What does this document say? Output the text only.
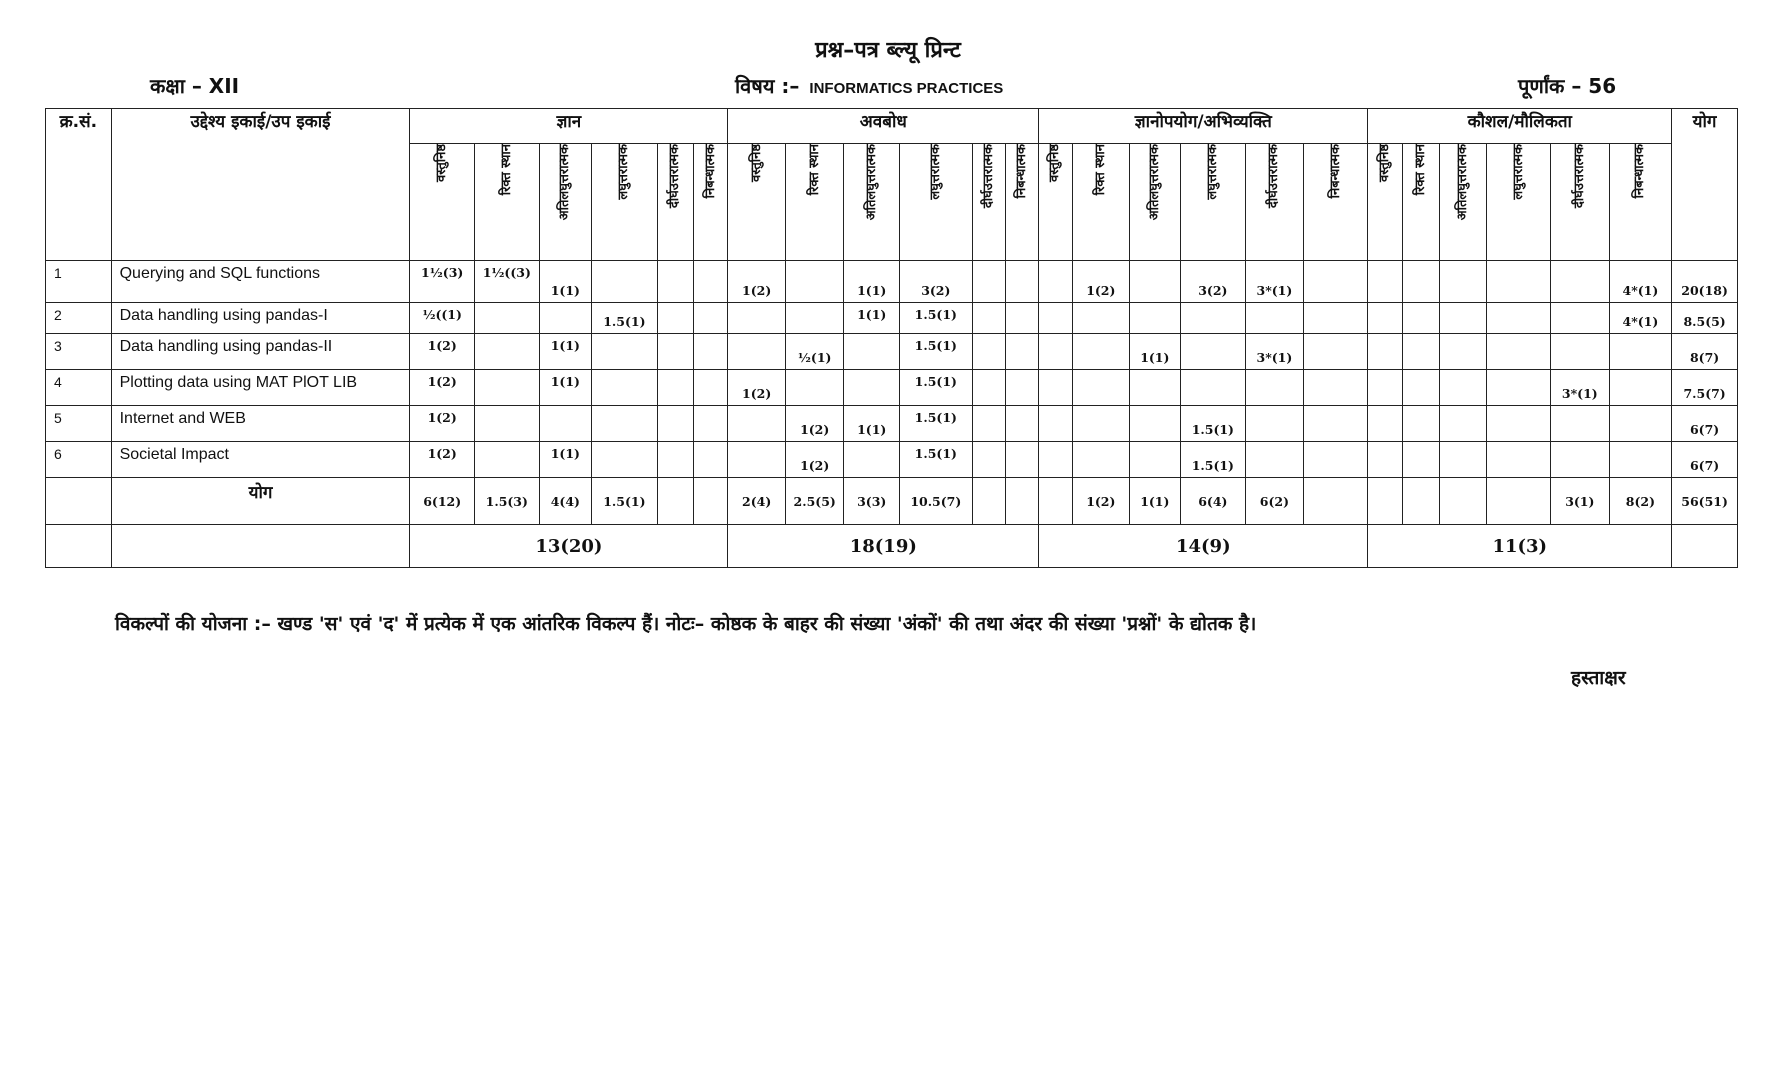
प्रश्न–पत्र ब्ल्यू प्रिन्ट
कक्षा – XII	विषय :– INFORMATICS PRACTICES	पूर्णांक – 56
क्र.सं.	उद्देश्य इकाई/उप इकाई	ज्ञान						अवबोध						ज्ञानोपयोग/अभिव्यक्ति						कौशल/मौलिकता						योग
		वस्तुनिष्ठ	रिक्त स्थान	अतिलघुत्तरात्मक	लघुत्तरात्मक	दीर्घउत्तरात्मक	निबन्धात्मक	वस्तुनिष्ठ	रिक्त स्थान	अतिलघुत्तरात्मक	लघुत्तरात्मक	दीर्घउत्तरात्मक	निबन्धात्मक	वस्तुनिष्ठ	रिक्त स्थान	अतिलघुत्तरात्मक	लघुत्तरात्मक	दीर्घउत्तरात्मक	निबन्धात्मक	वस्तुनिष्ठ	रिक्त स्थान	अतिलघुत्तरात्मक	लघुत्तरात्मक	दीर्घउत्तरात्मक	निबन्धात्मक	
1	Querying and SQL functions	1½(3)	1½((3)	1(1)				1(2)		1(1)	3(2)				1(2)		3(2)	3*(1)							4*(1)	20(18)
2	Data handling using pandas-I	½((1)			1.5(1)					1(1)	1.5(1)														4*(1)	8.5(5)
3	Data handling using pandas-II	1(2)		1(1)					½(1)		1.5(1)					1(1)		3*(1)								8(7)
4	Plotting data using MAT PlOT LIB	1(2)		1(1)				1(2)			1.5(1)													3*(1)		7.5(7)
5	Internet and WEB	1(2)							1(2)	1(1)	1.5(1)						1.5(1)									6(7)
6	Societal Impact	1(2)		1(1)					1(2)		1.5(1)						1.5(1)									6(7)
	योग	6(12)	1.5(3)	4(4)	1.5(1)			2(4)	2.5(5)	3(3)	10.5(7)				1(2)	1(1)	6(4)	6(2)						3(1)	8(2)	56(51)
		13(20)						18(19)						14(9)						11(3)						
विकल्पों की योजना :– खण्ड 'स' एवं 'द' में प्रत्येक में एक आंतरिक विकल्प हैं। नोटः– कोष्ठक के बाहर की संख्या 'अंकों' की तथा अंदर की संख्या 'प्रश्नों' के द्योतक है।
हस्ताक्षर
